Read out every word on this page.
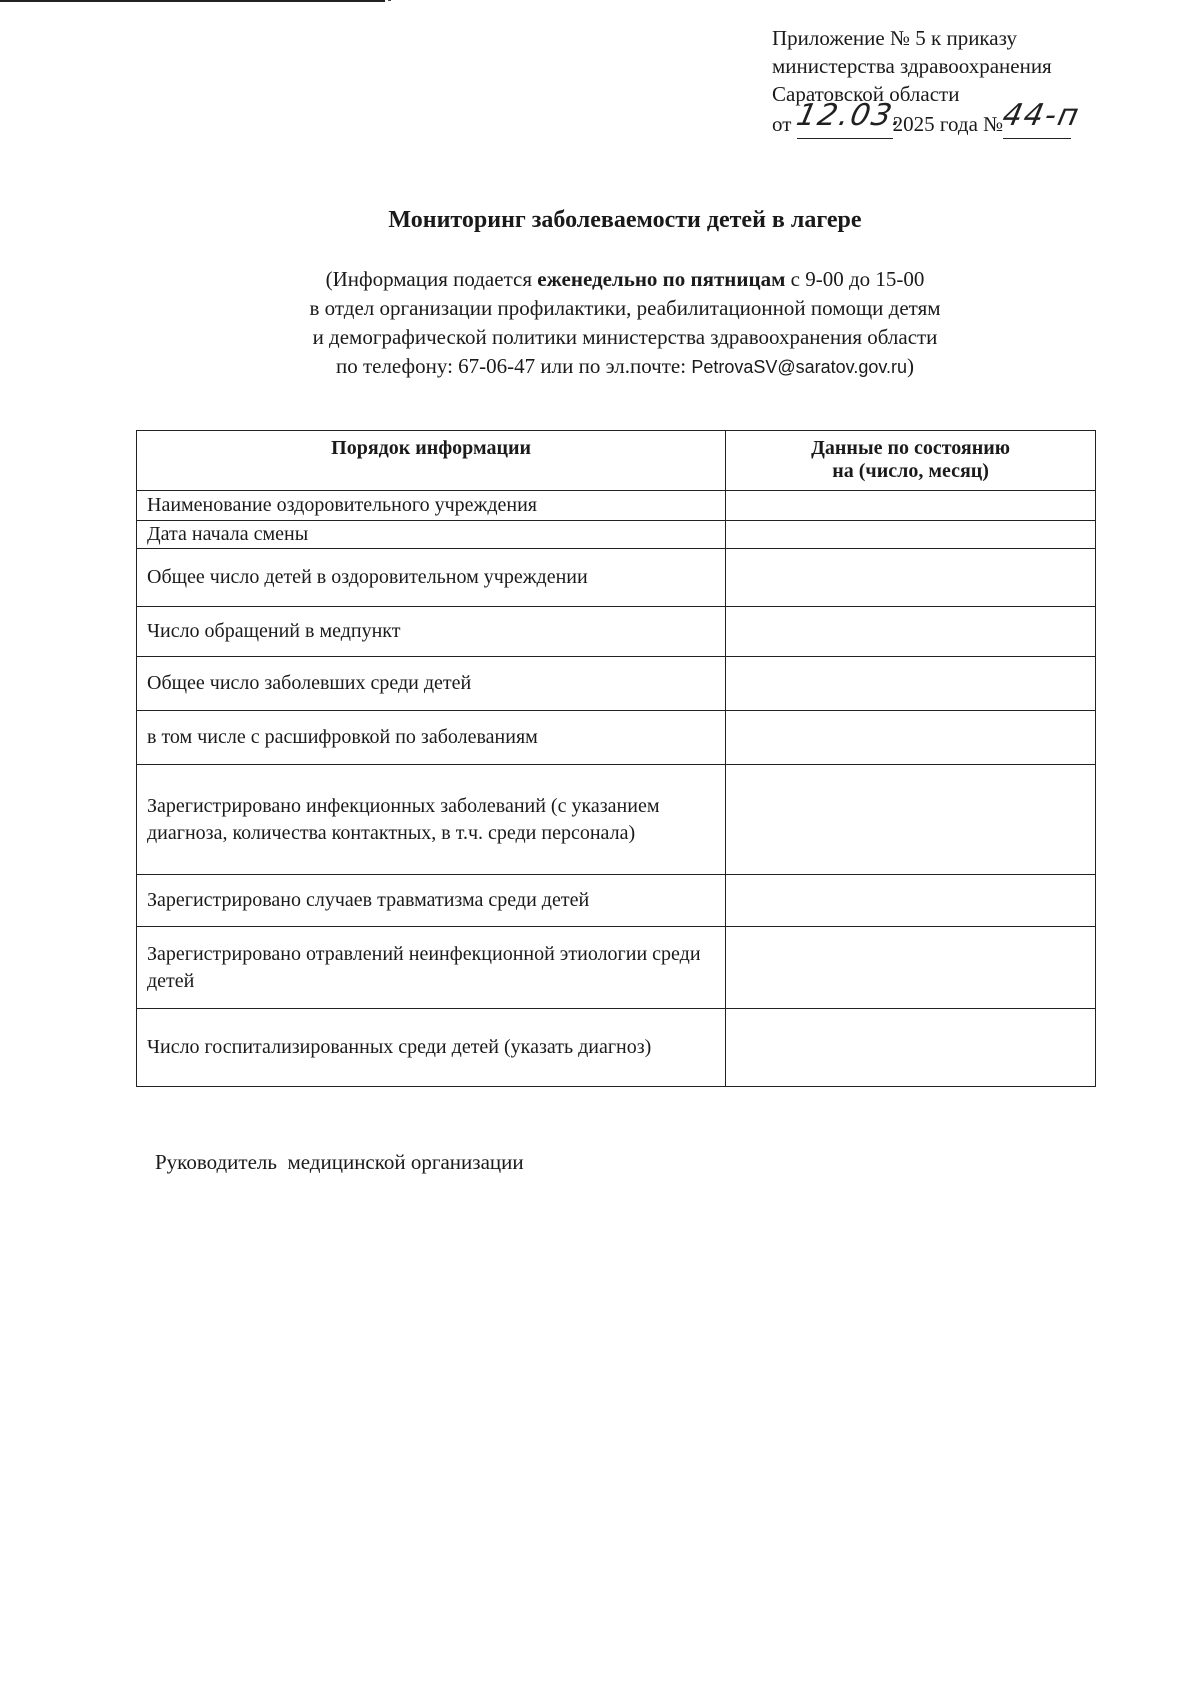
Приложение № 5 к приказу
министерства здравоохранения
Саратовской области
от 12.03.2025 года №44-п
Мониторинг заболеваемости детей в лагере
(Информация подается еженедельно по пятницам с 9-00 до 15-00
в отдел организации профилактики, реабилитационной помощи детям
и демографической политики министерства здравоохранения области
по телефону: 67-06-47 или по эл.почте: PetrovaSV@saratov.gov.ru)
Порядок информации	Данные по состоянию
на (число, месяц)

Наименование оздоровительного учреждения	

Дата начала смены	

Общее число детей в оздоровительном учреждении	

Число обращений в медпункт	

Общее число заболевших среди детей	

в том числе с расшифровкой по заболеваниям	

Зарегистрировано инфекционных заболеваний (с указанием диагноза, количества контактных, в т.ч. среди персонала)	

Зарегистрировано случаев травматизма среди детей	

Зарегистрировано отравлений неинфекционной этиологии среди детей	

Число госпитализированных среди детей (указать диагноз)	

Руководитель  медицинской организации
